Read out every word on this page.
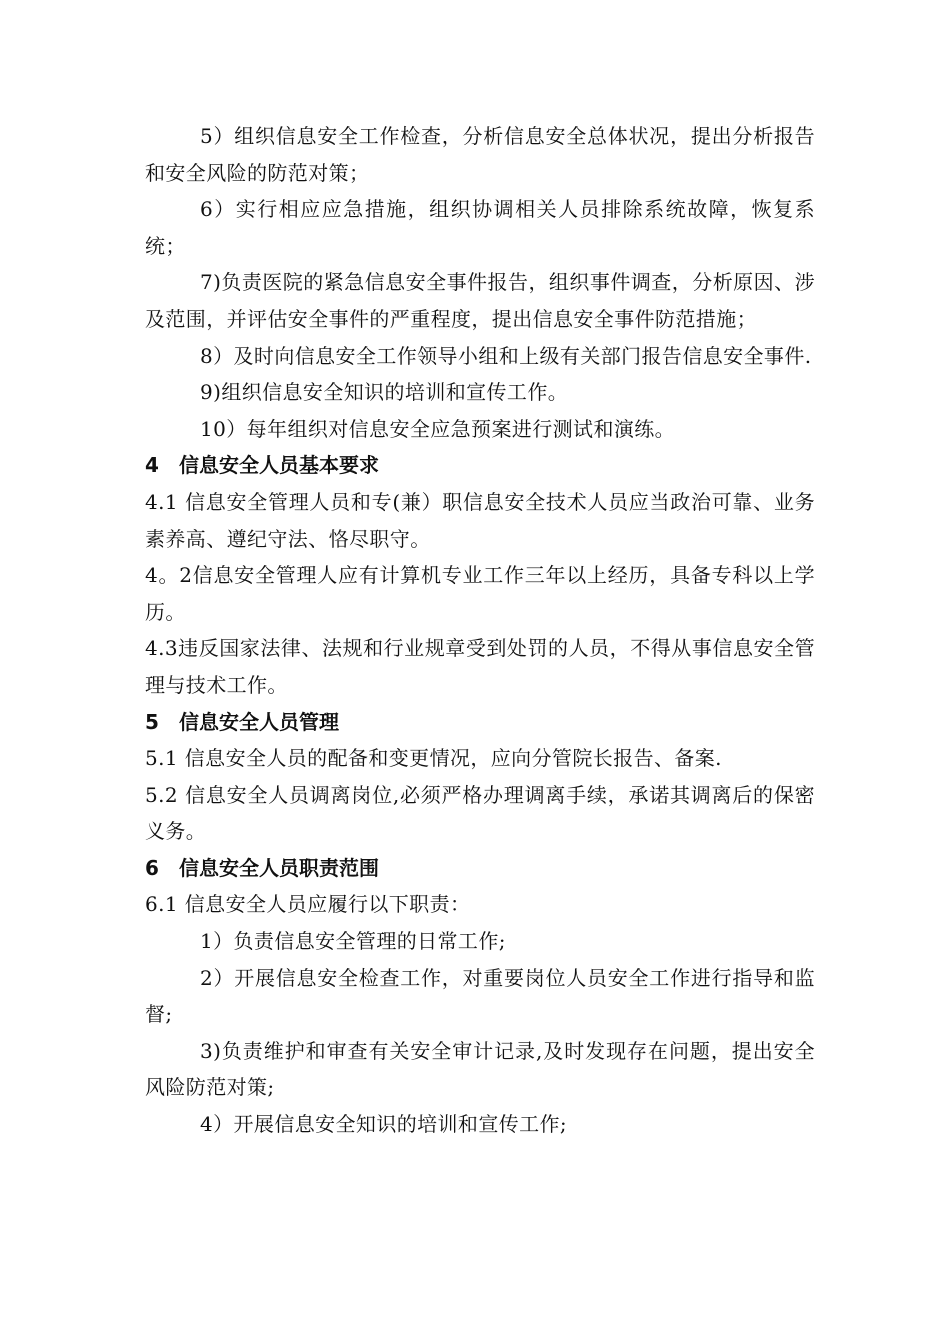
5）组织信息安全工作检查，分析信息安全总体状况，提出分析报告和安全风险的防范对策；

6）实行相应应急措施，组织协调相关人员排除系统故障，恢复系统；

7)负责医院的紧急信息安全事件报告，组织事件调查，分析原因、涉及范围，并评估安全事件的严重程度，提出信息安全事件防范措施；

8）及时向信息安全工作领导小组和上级有关部门报告信息安全事件.

9)组织信息安全知识的培训和宣传工作。

10）每年组织对信息安全应急预案进行测试和演练。

4 信息安全人员基本要求

4.1 信息安全管理人员和专(兼）职信息安全技术人员应当政治可靠、业务素养高、遵纪守法、恪尽职守。

4。2信息安全管理人应有计算机专业工作三年以上经历，具备专科以上学历。

4.3违反国家法律、法规和行业规章受到处罚的人员，不得从事信息安全管理与技术工作。

5 信息安全人员管理

5.1 信息安全人员的配备和变更情况，应向分管院长报告、备案.

5.2 信息安全人员调离岗位,必须严格办理调离手续，承诺其调离后的保密义务。

6 信息安全人员职责范围

6.1 信息安全人员应履行以下职责：

1）负责信息安全管理的日常工作;

2）开展信息安全检查工作，对重要岗位人员安全工作进行指导和监督;

3)负责维护和审查有关安全审计记录,及时发现存在问题，提出安全风险防范对策;

4）开展信息安全知识的培训和宣传工作;
